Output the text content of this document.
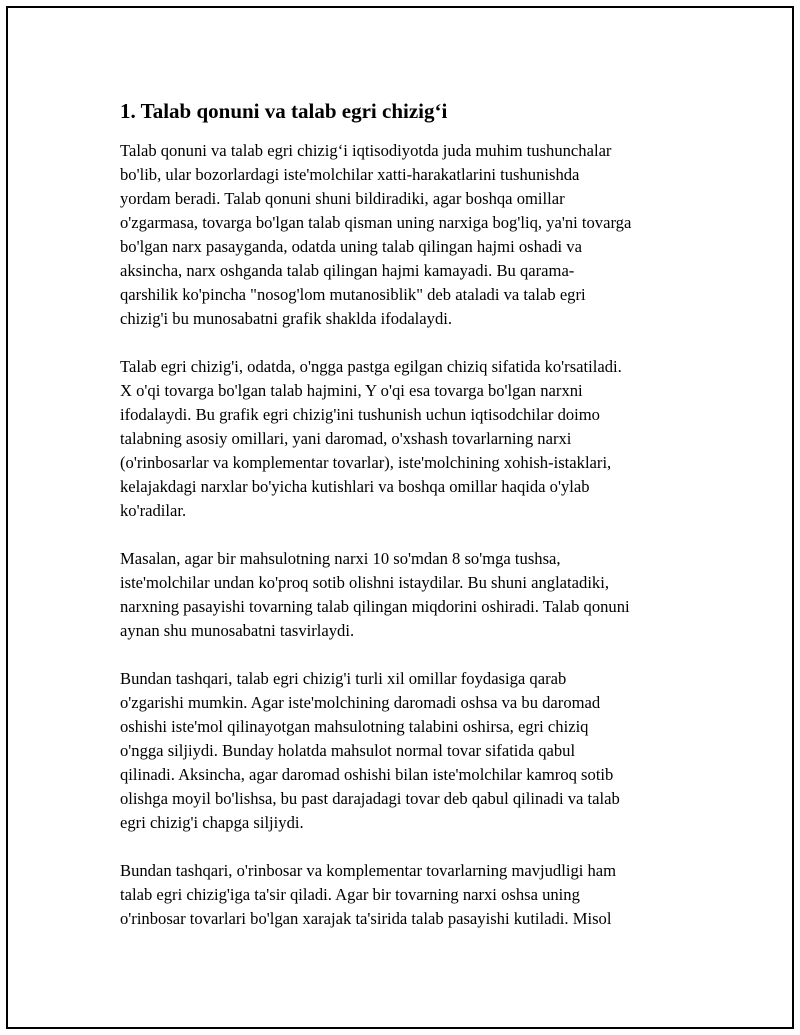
1. Talab qonuni va talab egri chizig‘i

Talab qonuni va talab egri chizig‘i iqtisodiyotda juda muhim tushunchalar
bo'lib, ular bozorlardagi iste'molchilar xatti-harakatlarini tushunishda
yordam beradi. Talab qonuni shuni bildiradiki, agar boshqa omillar
o'zgarmasa, tovarga bo'lgan talab qisman uning narxiga bog'liq, ya'ni tovarga
bo'lgan narx pasayganda, odatda uning talab qilingan hajmi oshadi va
aksincha, narx oshganda talab qilingan hajmi kamayadi. Bu qarama-
qarshilik ko'pincha "nosog'lom mutanosiblik" deb ataladi va talab egri
chizig'i bu munosabatni grafik shaklda ifodalaydi.

Talab egri chizig'i, odatda, o'ngga pastga egilgan chiziq sifatida ko'rsatiladi.
X o'qi tovarga bo'lgan talab hajmini, Y o'qi esa tovarga bo'lgan narxni
ifodalaydi. Bu grafik egri chizig'ini tushunish uchun iqtisodchilar doimo
talabning asosiy omillari, yani daromad, o'xshash tovarlarning narxi
(o'rinbosarlar va komplementar tovarlar), iste'molchining xohish-istaklari,
kelajakdagi narxlar bo'yicha kutishlari va boshqa omillar haqida o'ylab
ko'radilar.

Masalan, agar bir mahsulotning narxi 10 so'mdan 8 so'mga tushsa,
iste'molchilar undan ko'proq sotib olishni istaydilar. Bu shuni anglatadiki,
narxning pasayishi tovarning talab qilingan miqdorini oshiradi. Talab qonuni
aynan shu munosabatni tasvirlaydi.

Bundan tashqari, talab egri chizig'i turli xil omillar foydasiga qarab
o'zgarishi mumkin. Agar iste'molchining daromadi oshsa va bu daromad
oshishi iste'mol qilinayotgan mahsulotning talabini oshirsa, egri chiziq
o'ngga siljiydi. Bunday holatda mahsulot normal tovar sifatida qabul
qilinadi. Aksincha, agar daromad oshishi bilan iste'molchilar kamroq sotib
olishga moyil bo'lishsa, bu past darajadagi tovar deb qabul qilinadi va talab
egri chizig'i chapga siljiydi.

Bundan tashqari, o'rinbosar va komplementar tovarlarning mavjudligi ham
talab egri chizig'iga ta'sir qiladi. Agar bir tovarning narxi oshsa uning
o'rinbosar tovarlari bo'lgan xarajak ta'sirida talab pasayishi kutiladi. Misol
